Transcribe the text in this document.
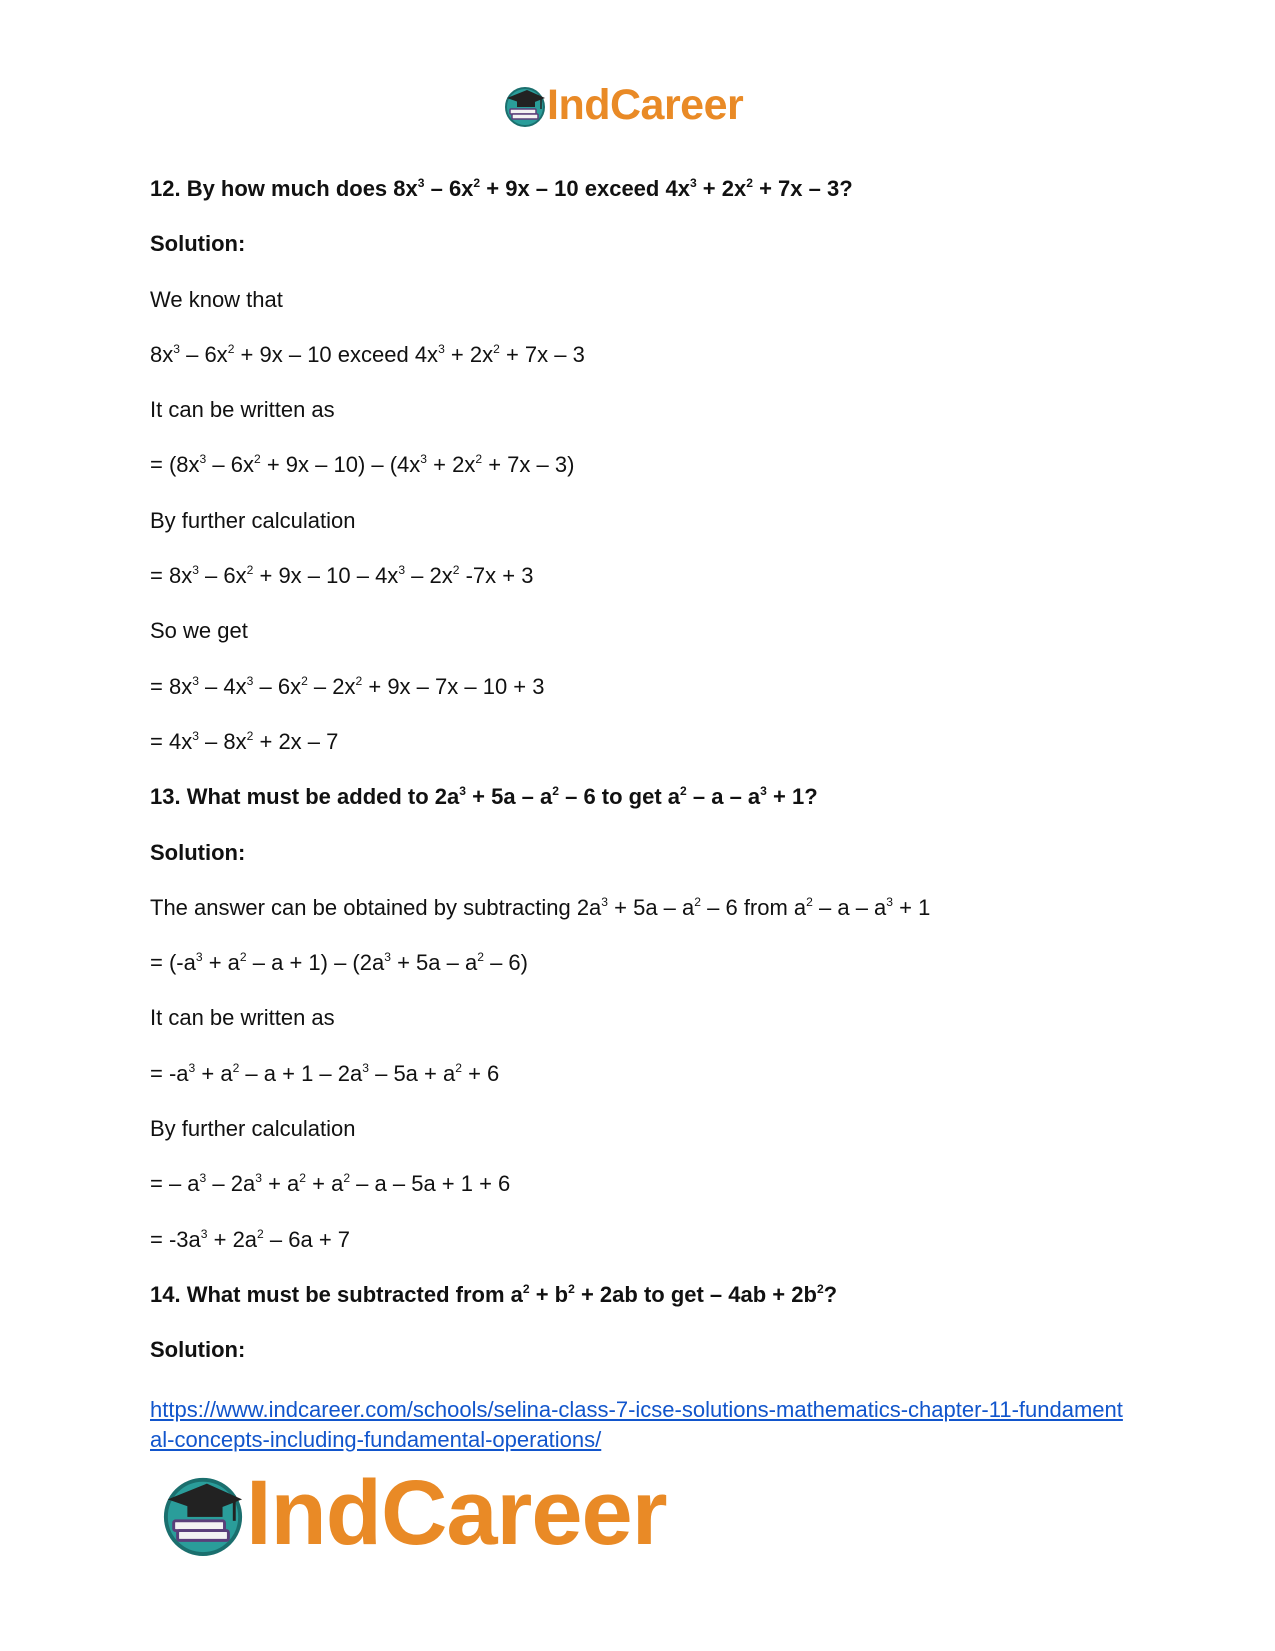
IndCareer
12. By how much does $8x^3 - 6x^2 + 9x - 10$ exceed $4x^3 + 2x^2 + 7x - 3$?
Solution:
We know that
$8x^3 - 6x^2 + 9x - 10$ exceed $4x^3 + 2x^2 + 7x - 3$
It can be written as
= $(8x^3 - 6x^2 + 9x - 10) - (4x^3 + 2x^2 + 7x - 3)$
By further calculation
= $8x^3 - 6x^2 + 9x - 10 - 4x^3 - 2x^2$ -7x + 3
So we get
= $8x^3 - 4x^3 - 6x^2 - 2x^2 + 9x - 7x - 10 + 3$
= $4x^3 - 8x^2 + 2x - 7$
13. What must be added to $2a^3 + 5a - a^2 - 6$ to get $a^2 - a - a^3 + 1$?
Solution:
The answer can be obtained by subtracting $2a^3 + 5a - a^2 - 6$ from $a^2 - a - a^3 + 1$
= $(-a^3 + a^2 - a + 1) - (2a^3 + 5a - a^2 - 6)$
It can be written as
= $-a^3 + a^2 - a + 1 - 2a^3 - 5a + a^2 + 6$
By further calculation
= – $a^3 - 2a^3 + a^2 + a^2 - a - 5a + 1 + 6$
= $-3a^3 + 2a^2 - 6a + 7$
14. What must be subtracted from $a^2 + b^2 + 2ab$ to get – $4ab + 2b^2$?
Solution:
https://www.indcareer.com/schools/selina-class-7-icse-solutions-mathematics-chapter-11-fundamental-concepts-including-fundamental-operations/
IndCareer
